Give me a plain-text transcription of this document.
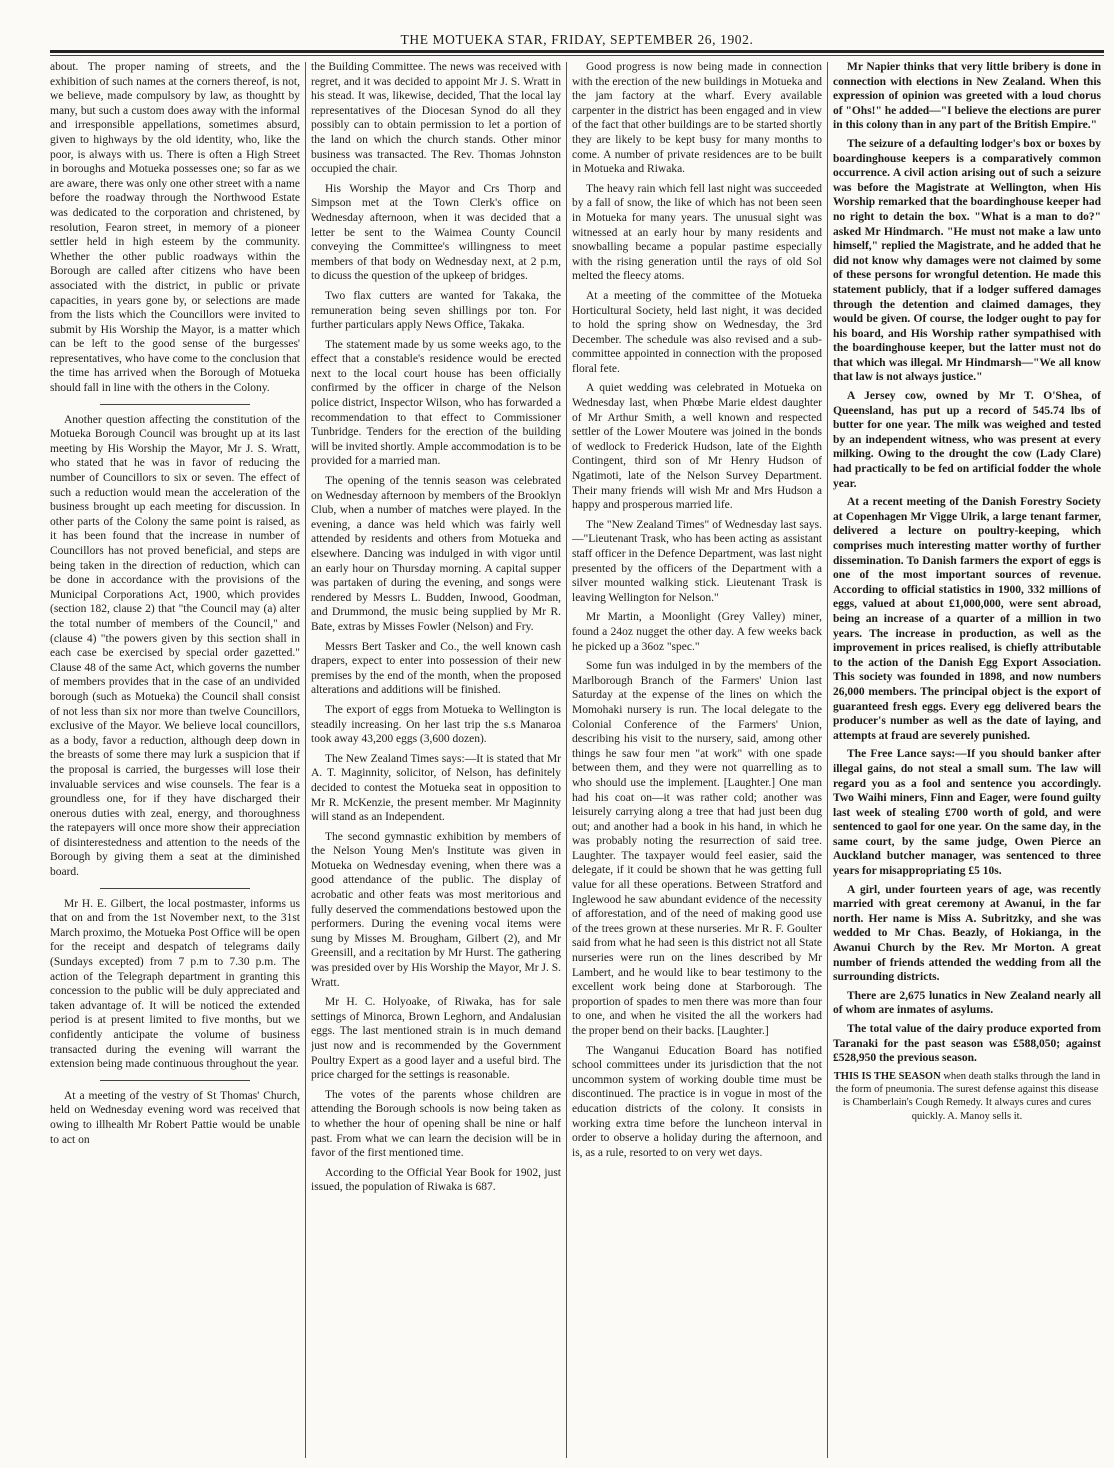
THE MOTUEKA STAR, FRIDAY, SEPTEMBER 26, 1902.

about. The proper naming of streets, and the exhibition of such names at the corners thereof, is not, we believe, made compulsory by law, as thoughtt by many, but such a custom does away with the informal and irresponsible appellations, sometimes absurd, given to highways by the old identity, who, like the poor, is always with us. There is often a High Street in boroughs and Motueka possesses one; so far as we are aware, there was only one other street with a name before the roadway through the Northwood Estate was dedicated to the corporation and christened, by resolution, Fearon street, in memory of a pioneer settler held in high esteem by the community. Whether the other public roadways within the Borough are called after citizens who have been associated with the district, in public or private capacities, in years gone by, or selections are made from the lists which the Councillors were invited to submit by His Worship the Mayor, is a matter which can be left to the good sense of the burgesses' representatives, who have come to the conclusion that the time has arrived when the Borough of Motueka should fall in line with the others in the Colony.

Another question affecting the constitution of the Motueka Borough Council was brought up at its last meeting by His Worship the Mayor, Mr J. S. Wratt, who stated that he was in favor of reducing the number of Councillors to six or seven. The effect of such a reduction would mean the acceleration of the business brought up each meeting for discussion. In other parts of the Colony the same point is raised, as it has been found that the increase in number of Councillors has not proved beneficial, and steps are being taken in the direction of reduction, which can be done in accordance with the provisions of the Municipal Corporations Act, 1900, which provides (section 182, clause 2) that "the Council may (a) alter the total number of members of the Council," and (clause 4) "the powers given by this section shall in each case be exercised by special order gazetted." Clause 48 of the same Act, which governs the number of members provides that in the case of an undivided borough (such as Motueka) the Council shall consist of not less than six nor more than twelve Councillors, exclusive of the Mayor. We believe local councillors, as a body, favor a reduction, although deep down in the breasts of some there may lurk a suspicion that if the proposal is carried, the burgesses will lose their invaluable services and wise counsels. The fear is a groundless one, for if they have discharged their onerous duties with zeal, energy, and thoroughness the ratepayers will once more show their appreciation of disinterestedness and attention to the needs of the Borough by giving them a seat at the diminished board.

Mr H. E. Gilbert, the local postmaster, informs us that on and from the 1st November next, to the 31st March proximo, the Motueka Post Office will be open for the receipt and despatch of telegrams daily (Sundays excepted) from 7 p.m to 7.30 p.m. The action of the Telegraph department in granting this concession to the public will be duly appreciated and taken advantage of. It will be noticed the extended period is at present limited to five months, but we confidently anticipate the volume of business transacted during the evening will warrant the extension being made continuous throughout the year.

At a meeting of the vestry of St Thomas' Church, held on Wednesday evening word was received that owing to illhealth Mr Robert Pattie would be unable to act on

the Building Committee. The news was received with regret, and it was decided to appoint Mr J. S. Wratt in his stead. It was, likewise, decided, That the local lay representatives of the Diocesan Synod do all they possibly can to obtain permission to let a portion of the land on which the church stands. Other minor business was transacted. The Rev. Thomas Johnston occupied the chair.

His Worship the Mayor and Crs Thorp and Simpson met at the Town Clerk's office on Wednesday afternoon, when it was decided that a letter be sent to the Waimea County Council conveying the Committee's willingness to meet members of that body on Wednesday next, at 2 p.m, to dicuss the question of the upkeep of bridges.

Two flax cutters are wanted for Takaka, the remuneration being seven shillings por ton. For further particulars apply News Office, Takaka.

The statement made by us some weeks ago, to the effect that a constable's residence would be erected next to the local court house has been officially confirmed by the officer in charge of the Nelson police district, Inspector Wilson, who has forwarded a recommendation to that effect to Commissioner Tunbridge. Tenders for the erection of the building will be invited shortly. Ample accommodation is to be provided for a married man.

The opening of the tennis season was celebrated on Wednesday afternoon by members of the Brooklyn Club, when a number of matches were played. In the evening, a dance was held which was fairly well attended by residents and others from Motueka and elsewhere. Dancing was indulged in with vigor until an early hour on Thursday morning. A capital supper was partaken of during the evening, and songs were rendered by Messrs L. Budden, Inwood, Goodman, and Drummond, the music being supplied by Mr R. Bate, extras by Misses Fowler (Nelson) and Fry.

Messrs Bert Tasker and Co., the well known cash drapers, expect to enter into possession of their new premises by the end of the month, when the proposed alterations and additions will be finished.

The export of eggs from Motueka to Wellington is steadily increasing. On her last trip the s.s Manaroa took away 43,200 eggs (3,600 dozen).

The New Zealand Times says:—It is stated that Mr A. T. Maginnity, solicitor, of Nelson, has definitely decided to contest the Motueka seat in opposition to Mr R. McKenzie, the present member. Mr Maginnity will stand as an Independent.

The second gymnastic exhibition by members of the Nelson Young Men's Institute was given in Motueka on Wednesday evening, when there was a good attendance of the public. The display of acrobatic and other feats was most meritorious and fully deserved the commendations bestowed upon the performers. During the evening vocal items were sung by Misses M. Brougham, Gilbert (2), and Mr Greensill, and a recitation by Mr Hurst. The gathering was presided over by His Worship the Mayor, Mr J. S. Wratt.

Mr H. C. Holyoake, of Riwaka, has for sale settings of Minorca, Brown Leghorn, and Andalusian eggs. The last mentioned strain is in much demand just now and is recommended by the Government Poultry Expert as a good layer and a useful bird. The price charged for the settings is reasonable.

The votes of the parents whose children are attending the Borough schools is now being taken as to whether the hour of opening shall be nine or half past. From what we can learn the decision will be in favor of the first mentioned time.

According to the Official Year Book for 1902, just issued, the population of Riwaka is 687.

Good progress is now being made in connection with the erection of the new buildings in Motueka and the jam factory at the wharf. Every available carpenter in the district has been engaged and in view of the fact that other buildings are to be started shortly they are likely to be kept busy for many months to come. A number of private residences are to be built in Motueka and Riwaka.

The heavy rain which fell last night was succeeded by a fall of snow, the like of which has not been seen in Motueka for many years. The unusual sight was witnessed at an early hour by many residents and snowballing became a popular pastime especially with the rising generation until the rays of old Sol melted the fleecy atoms.

At a meeting of the committee of the Motueka Horticultural Society, held last night, it was decided to hold the spring show on Wednesday, the 3rd December. The schedule was also revised and a sub-committee appointed in connection with the proposed floral fete.

A quiet wedding was celebrated in Motueka on Wednesday last, when Phœbe Marie eldest daughter of Mr Arthur Smith, a well known and respected settler of the Lower Moutere was joined in the bonds of wedlock to Frederick Hudson, late of the Eighth Contingent, third son of Mr Henry Hudson of Ngatimoti, late of the Nelson Survey Department. Their many friends will wish Mr and Mrs Hudson a happy and prosperous married life.

The "New Zealand Times" of Wednesday last says.—"Lieutenant Trask, who has been acting as assistant staff officer in the Defence Department, was last night presented by the officers of the Department with a silver mounted walking stick. Lieutenant Trask is leaving Wellington for Nelson."

Mr Martin, a Moonlight (Grey Valley) miner, found a 24oz nugget the other day. A few weeks back he picked up a 36oz "spec."

Some fun was indulged in by the members of the Marlborough Branch of the Farmers' Union last Saturday at the expense of the lines on which the Momohaki nursery is run. The local delegate to the Colonial Conference of the Farmers' Union, describing his visit to the nursery, said, among other things he saw four men "at work" with one spade between them, and they were not quarrelling as to who should use the implement. [Laughter.] One man had his coat on—it was rather cold; another was leisurely carrying along a tree that had just been dug out; and another had a book in his hand, in which he was probably noting the resurrection of said tree. Laughter. The taxpayer would feel easier, said the delegate, if it could be shown that he was getting full value for all these operations. Between Stratford and Inglewood he saw abundant evidence of the necessity of afforestation, and of the need of making good use of the trees grown at these nurseries. Mr R. F. Goulter said from what he had seen is this district not all State nurseries were run on the lines described by Mr Lambert, and he would like to bear testimony to the excellent work being done at Starborough. The proportion of spades to men there was more than four to one, and when he visited the all the workers had the proper bend on their backs. [Laughter.]

The Wanganui Education Board has notified school committees under its jurisdiction that the not uncommon system of working double time must be discontinued. The practice is in vogue in most of the education districts of the colony. It consists in working extra time before the luncheon interval in order to observe a holiday during the afternoon, and is, as a rule, resorted to on very wet days.

Mr Napier thinks that very little bribery is done in connection with elections in New Zealand. When this expression of opinion was greeted with a loud chorus of "Ohs!" he added—"I believe the elections are purer in this colony than in any part of the British Empire."

The seizure of a defaulting lodger's box or boxes by boardinghouse keepers is a comparatively common occurrence. A civil action arising out of such a seizure was before the Magistrate at Wellington, when His Worship remarked that the boardinghouse keeper had no right to detain the box. "What is a man to do?" asked Mr Hindmarch. "He must not make a law unto himself," replied the Magistrate, and he added that he did not know why damages were not claimed by some of these persons for wrongful detention. He made this statement publicly, that if a lodger suffered damages through the detention and claimed damages, they would be given. Of course, the lodger ought to pay for his board, and His Worship rather sympathised with the boardinghouse keeper, but the latter must not do that which was illegal. Mr Hindmarsh—"We all know that law is not always justice."

A Jersey cow, owned by Mr T. O'Shea, of Queensland, has put up a record of 545.74 lbs of butter for one year. The milk was weighed and tested by an independent witness, who was present at every milking. Owing to the drought the cow (Lady Clare) had practically to be fed on artificial fodder the whole year.

At a recent meeting of the Danish Forestry Society at Copenhagen Mr Vigge Ulrik, a large tenant farmer, delivered a lecture on poultry-keeping, which comprises much interesting matter worthy of further dissemination. To Danish farmers the export of eggs is one of the most important sources of revenue. According to official statistics in 1900, 332 millions of eggs, valued at about £1,000,000, were sent abroad, being an increase of a quarter of a million in two years. The increase in production, as well as the improvement in prices realised, is chiefly attributable to the action of the Danish Egg Export Association. This society was founded in 1898, and now numbers 26,000 members. The principal object is the export of guaranteed fresh eggs. Every egg delivered bears the producer's number as well as the date of laying, and attempts at fraud are severely punished.

The Free Lance says:—If you should banker after illegal gains, do not steal a small sum. The law will regard you as a fool and sentence you accordingly. Two Waihi miners, Finn and Eager, were found guilty last week of stealing £700 worth of gold, and were sentenced to gaol for one year. On the same day, in the same court, by the same judge, Owen Pierce an Auckland butcher manager, was sentenced to three years for misappropriating £5 10s.

A girl, under fourteen years of age, was recently married with great ceremony at Awanui, in the far north. Her name is Miss A. Subritzky, and she was wedded to Mr Chas. Beazly, of Hokianga, in the Awanui Church by the Rev. Mr Morton. A great number of friends attended the wedding from all the surrounding districts.

There are 2,675 lunatics in New Zealand nearly all of whom are inmates of asylums.

The total value of the dairy produce exported from Taranaki for the past season was £588,050; against £528,950 the previous season.

THIS IS THE SEASON when death stalks through the land in the form of pneumonia. The surest defense against this disease is Chamberlain's Cough Remedy. It always cures and cures quickly. A. Manoy sells it.
